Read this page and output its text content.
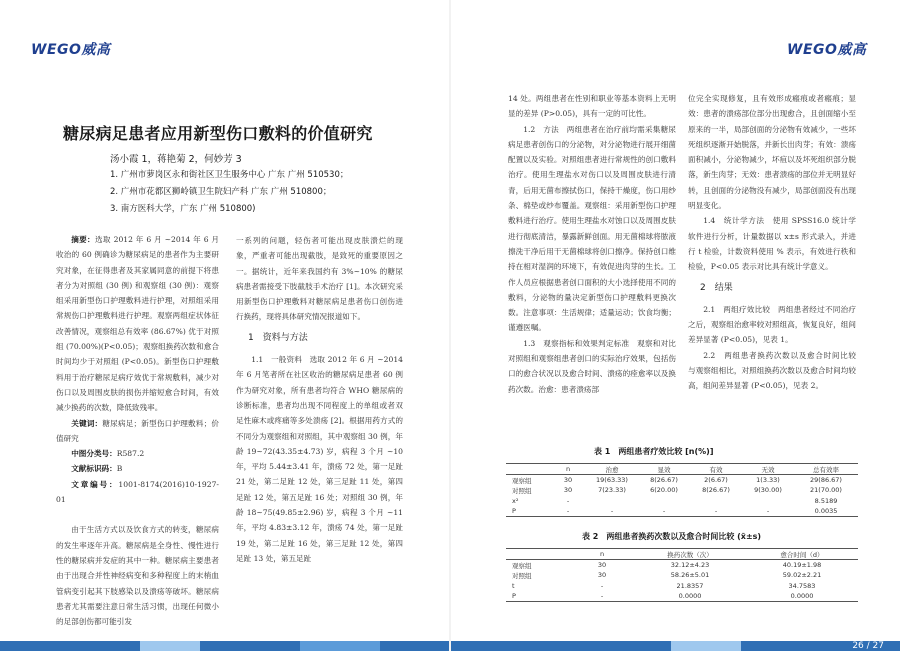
WEGO威高	WEGO威高
糖尿病足患者应用新型伤口敷料的价值研究
汤小霞 1，蒋艳菊 2，何妙芳 3
1. 广州市萝岗区永和街社区卫生服务中心 广东 广州 510530；
2. 广州市花都区狮岭镇卫生院妇产科 广东 广州 510800；
3. 南方医科大学，广东 广州 510800)

摘要：选取 2012 年 6 月 ~2014 年 6 月收治的 60 例确诊为糖尿病足的患者作为主要研究对象，在征得患者及其家属同意的前提下将患者分为对照组 (30 例) 和观察组 (30 例)：观察组采用新型伤口护理敷料进行护理，对照组采用常规伤口护理敷料进行护理。观察两组症状体征改善情况，观察组总有效率 (86.67%) 优于对照组 (70.00%)(P<0.05)；观察组换药次数和愈合时间均少于对照组 (P<0.05)。新型伤口护理敷料用于治疗糖尿足病疗效优于常规敷料，减少对伤口以及周围皮肤的损伤并缩短愈合时间，有效减少换药的次数，降低致残率。

关键词：糖尿病足；新型伤口护理敷料；价值研究

中图分类号：R587.2

文献标识码：B

文章编号：1001-8174(2016)10-1927-01

由于生活方式以及饮食方式的转变，糖尿病的发生率逐年升高。糖尿病是全身性、慢性进行性的糖尿病并发症的其中一种。糖尿病主要患者由于出现合并性神经病变和多种程度上的末梢血管病变引起其下肢感染以及溃疡等破坏。糖尿病患者尤其需要注意日常生活习惯，出现任何微小的足部创伤都可能引发

一系列的问题，轻伤者可能出现皮肤溃烂的现象，严重者可能出现截肢，是致死的重要原因之一。据统计，近年来我国约有 3%~10% 的糖尿病患者需接受下肢截肢手术治疗 [1]。本次研究采用新型伤口护理敷料对糖尿病足患者伤口创伤进行换药，现将具体研究情况报道如下。

1　资料与方法

1.1　一般资料　选取 2012 年 6 月 ~2014 年 6 月笔者所在社区收治的糖尿病足患者 60 例作为研究对象，所有患者均符合 WHO 糖尿病的诊断标准，患者均出现不同程度上的单组或者双足性麻木或疼痛等多处溃疡 [2]。根据用药方式的不同分为观察组和对照组，其中观察组 30 例，年龄 19~72(43.35±4.73) 岁，病程 3 个月 ~10 年，平均 5.44±3.41 年，溃疡 72 处，第一足趾 21 处，第二足趾 12 处，第三足趾 11 处，第四足趾 12 处，第五足趾 16 处；对照组 30 例，年龄 18~75(49.85±2.96) 岁，病程 3 个月 ~11 年，平均 4.83±3.12 年，溃疡 74 处，第一足趾 19 处，第二足趾 16 处，第三足趾 12 处，第四足趾 13 处，第五足趾

14 处。两组患者在性别和职业等基本资料上无明显的差异 (P>0.05)，具有一定的可比性。

1.2　方法　两组患者在治疗前均需采集糖尿病足患者创伤口的分泌物，对分泌物进行展开细菌配置以及实验。对照组患者进行常规性的创口敷料治疗。使用生理盐水对伤口以及周围皮肤进行清青，后用无菌布擦拭伤口，保持干燥度，伤口用纱条、棉垫或纱布覆盖。观察组：采用新型伤口护理敷料进行治疗。使用生理盐水对蚀口以及周围皮肤进行彻底清洁，暴露新鲜创面。用无菌棉球将脓液擦洗干净后用干无菌棉球将创口擦净。保持创口维持在相对湿润的环境下，有效促进肉芽的生长。工作人员应根据患者创口面积的大小选择使用不同的敷料，分泌物的量决定新型伤口护理敷料更换次数。注意事项：生活规律；适量运动；饮食均衡；谨遵医嘱。

1.3　观察指标和效果判定标准　观察和对比对照组和观察组患者创口的实际治疗效果，包括伤口的愈合状况以及愈合时间、溃疡的痊愈率以及换药次数。治愈：患者溃疡部

位完全实现修复，且有效形成瘢痕或者瘢痕；显效：患者的溃疡部位部分出现愈合，且创面缩小至原来的一半，局部创面的分泌物有效减少，一些坏死组织逐渐开始脱落，并新长出肉芽；有效：溃疡面积减小，分泌物减少，坏疽以及坏死组织部分脱落，新生肉芽；无效：患者溃疡的部位并无明显好转，且创面的分泌物没有减少，局部创面没有出现明显变化。

1.4　统计学方法　使用 SPSS16.0 统计学软件进行分析，计量数据以 x±s 形式录入，并进行 t 检验，计数资料使用 % 表示，有效进行秩和检验，P<0.05 表示对比具有统计学意义。

2　结果

2.1　两组疗效比较　两组患者经过不同治疗之后，观察组治愈率较对照组高，恢复良好，组间差异显著 (P<0.05)，见表 1。

2.2　两组患者换药次数以及愈合时间比较　与观察组相比，对照组换药次数以及愈合时间均较高，组间差异显著 (P<0.05)，见表 2。

表 1　两组患者疗效比较 [n(%)]
	n	治愈	显效	有效	无效	总有效率
观察组	30	19(63.33)	8(26.67)	2(6.67)	1(3.33)	29(86.67)
对照组	30	7(23.33)	6(20.00)	8(26.67)	9(30.00)	21(70.00)
x²	-					8.5189
P	-	-	-	-	-	0.0035
表 2　两组患者换药次数以及愈合时间比较 (x̄±s)
	n	换药次数（次）	愈合时间（d）
观察组	30	32.12±4.23	40.19±1.98
对照组	30	58.26±5.01	59.02±2.21
t	-	21.8357	34.7583
P	-	0.0000	0.0000
26 / 27
